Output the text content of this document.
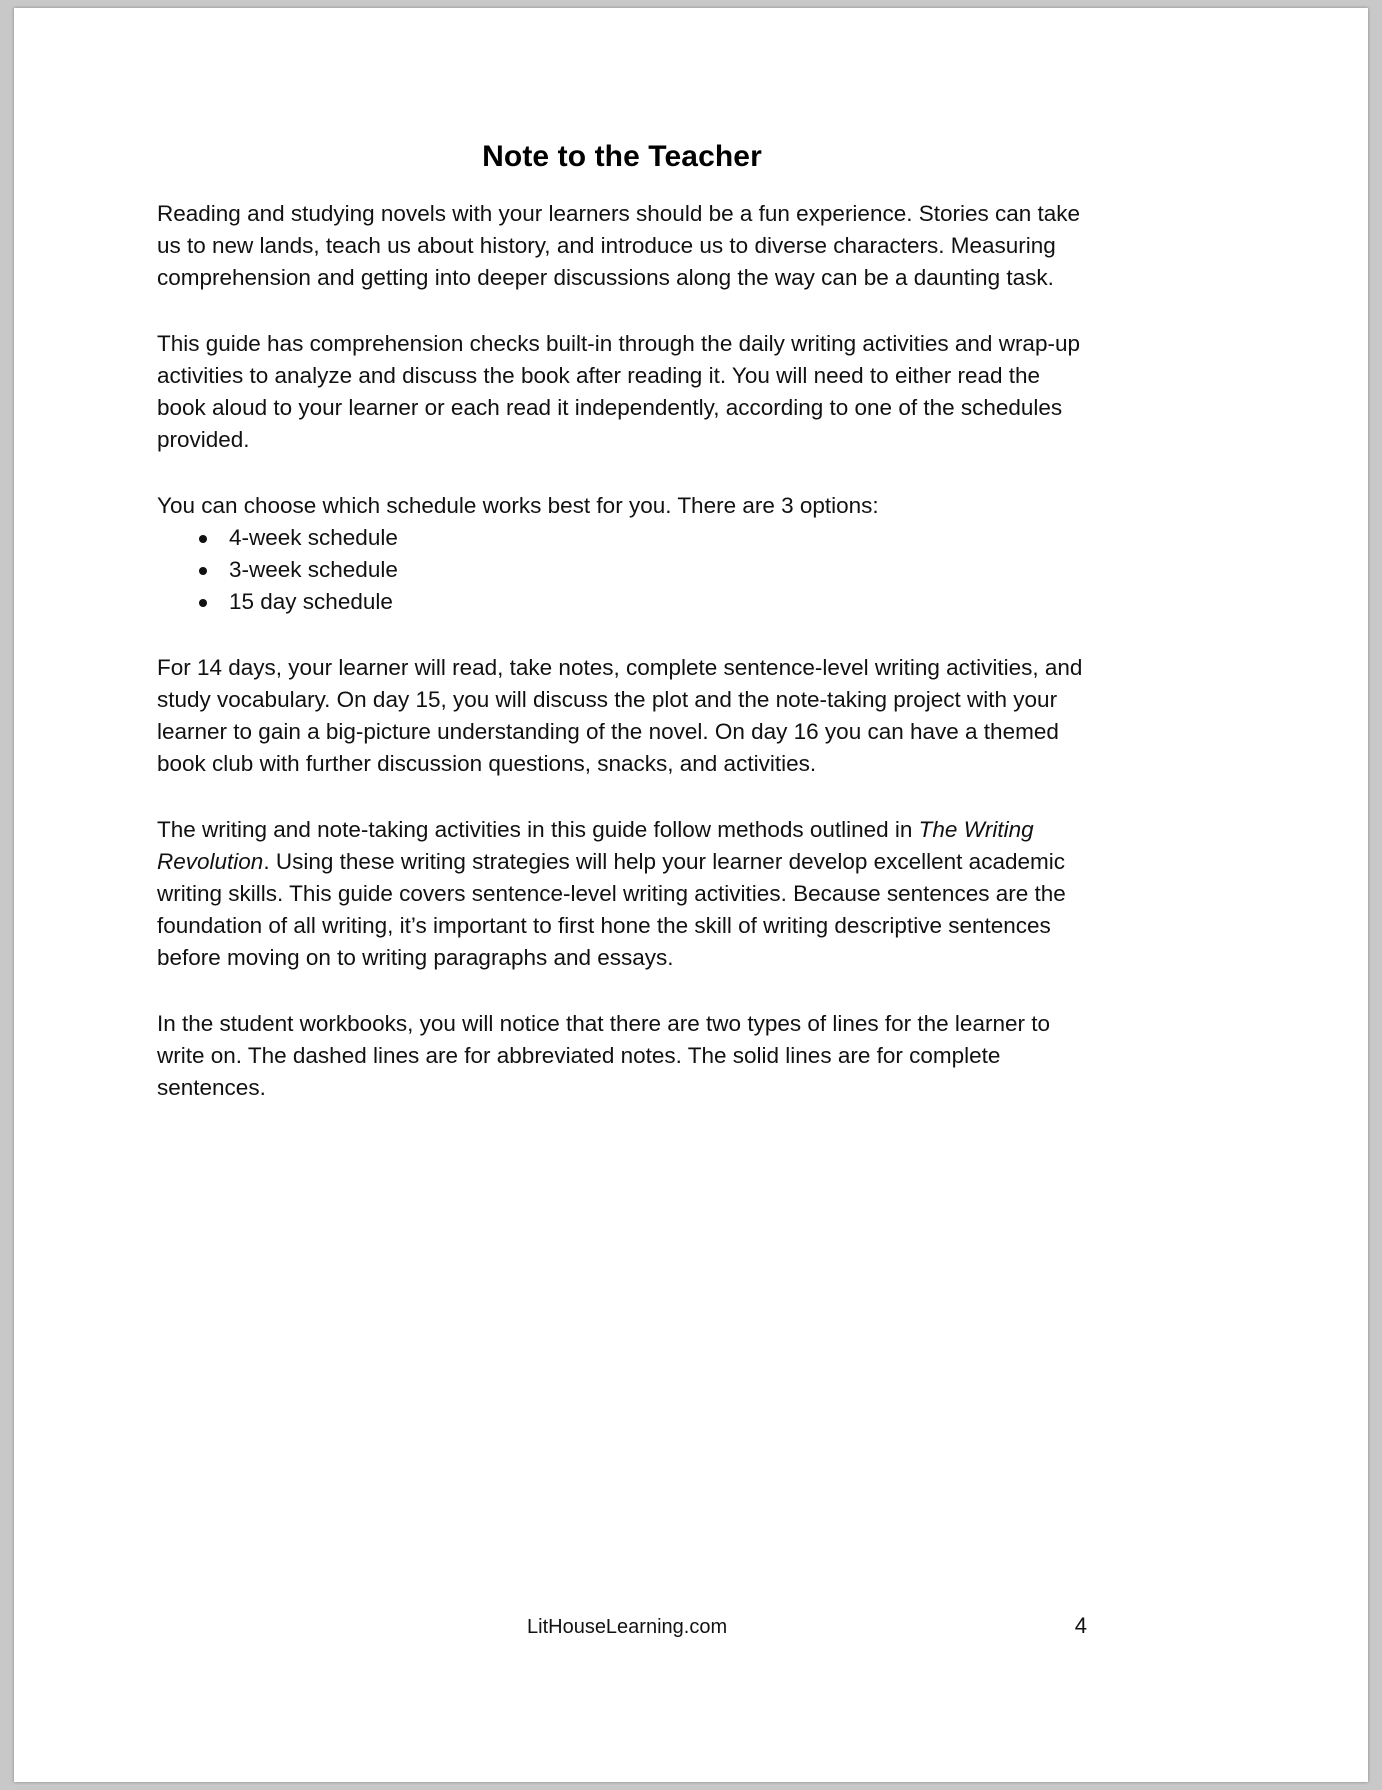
Note to the Teacher

Reading and studying novels with your learners should be a fun experience. Stories can take us to new lands, teach us about history, and introduce us to diverse characters. Measuring comprehension and getting into deeper discussions along the way can be a daunting task.

This guide has comprehension checks built-in through the daily writing activities and wrap-up activities to analyze and discuss the book after reading it. You will need to either read the book aloud to your learner or each read it independently, according to one of the schedules provided.

You can choose which schedule works best for you. There are 3 options:

4-week schedule
3-week schedule
15 day schedule

For 14 days, your learner will read, take notes, complete sentence-level writing activities, and study vocabulary. On day 15, you will discuss the plot and the note-taking project with your learner to gain a big-picture understanding of the novel. On day 16 you can have a themed book club with further discussion questions, snacks, and activities.

The writing and note-taking activities in this guide follow methods outlined in The Writing Revolution. Using these writing strategies will help your learner develop excellent academic writing skills. This guide covers sentence-level writing activities. Because sentences are the foundation of all writing, it’s important to first hone the skill of writing descriptive sentences before moving on to writing paragraphs and essays.

In the student workbooks, you will notice that there are two types of lines for the learner to write on. The dashed lines are for abbreviated notes. The solid lines are for complete sentences.

LitHouseLearning.com	4
